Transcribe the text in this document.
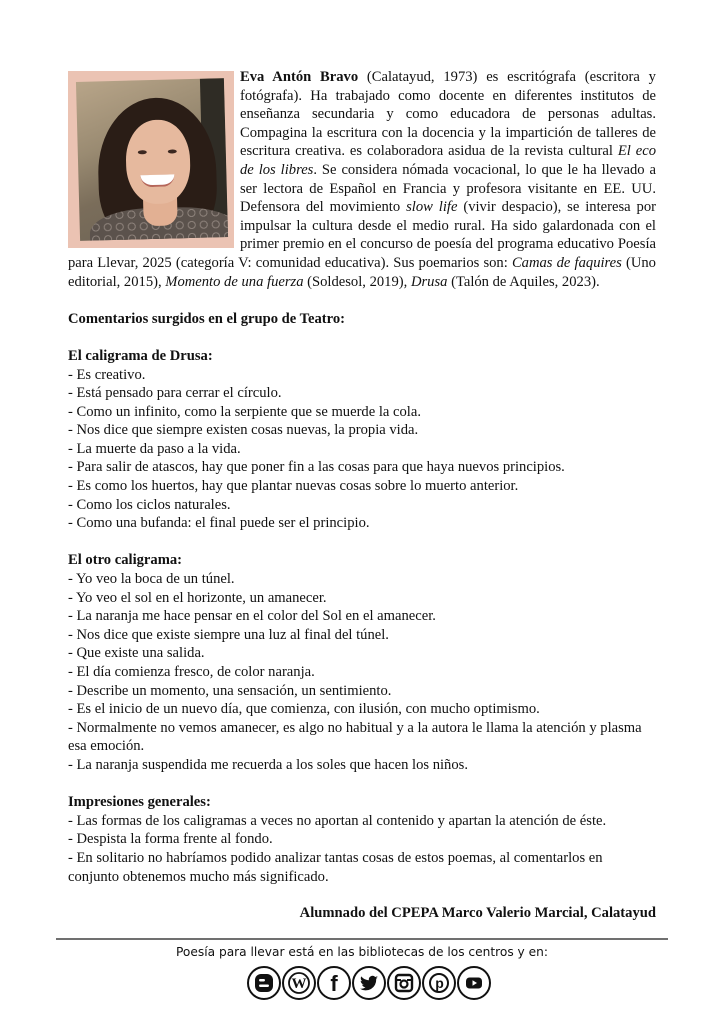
Eva Antón Bravo (Calatayud, 1973) es escritógrafa (escritora y fotógrafa). Ha trabajado como docente en diferentes institutos de enseñanza secundaria y como educadora de personas adultas. Compagina la escritura con la docencia y la impartición de talleres de escritura creativa. es colaboradora asidua de la revista cultural El eco de los libres. Se considera nómada vocacional, lo que le ha llevado a ser lectora de Español en Francia y profesora visitante en EE. UU. Defensora del movimiento slow life (vivir despacio), se interesa por impulsar la cultura desde el medio rural. Ha sido galardonada con el primer premio en el concurso de poesía del programa educativo Poesía para Llevar, 2025 (categoría V: comunidad educativa). Sus poemarios son: Camas de faquires (Uno editorial, 2015), Momento de una fuerza (Soldesol, 2019), Drusa (Talón de Aquiles, 2023).

Comentarios surgidos en el grupo de Teatro:

El caligrama de Drusa:

- Es creativo.

- Está pensado para cerrar el círculo.

- Como un infinito, como la serpiente que se muerde la cola.

- Nos dice que siempre existen cosas nuevas, la propia vida.

- La muerte da paso a la vida.

- Para salir de atascos, hay que poner fin a las cosas para que haya nuevos principios.

- Es como los huertos, hay que plantar nuevas cosas sobre lo muerto anterior.

- Como los ciclos naturales.

- Como una bufanda: el final puede ser el principio.

El otro caligrama:

- Yo veo la boca de un túnel.

- Yo veo el sol en el horizonte, un amanecer.

- La naranja me hace pensar en el color del Sol en el amanecer.

- Nos dice que existe siempre una luz al final del túnel.

- Que existe una salida.

- El día comienza fresco, de color naranja.

- Describe un momento, una sensación, un sentimiento.

- Es el inicio de un nuevo día, que comienza, con ilusión, con mucho optimismo.

- Normalmente no vemos amanecer, es algo no habitual y a la autora le llama la atención y plasma esa emoción.

- La naranja suspendida me recuerda a los soles que hacen los niños.

Impresiones generales:

- Las formas de los caligramas a veces no aportan al contenido y apartan la atención de éste.

- Despista la forma frente al fondo.

- En solitario no habríamos podido analizar tantas cosas de estos poemas, al comentarlos en conjunto obtenemos mucho más significado.

Alumnado del CPEPA Marco Valerio Marcial, Calatayud

Poesía para llevar está en las bibliotecas de los centros y en:
W f	p
